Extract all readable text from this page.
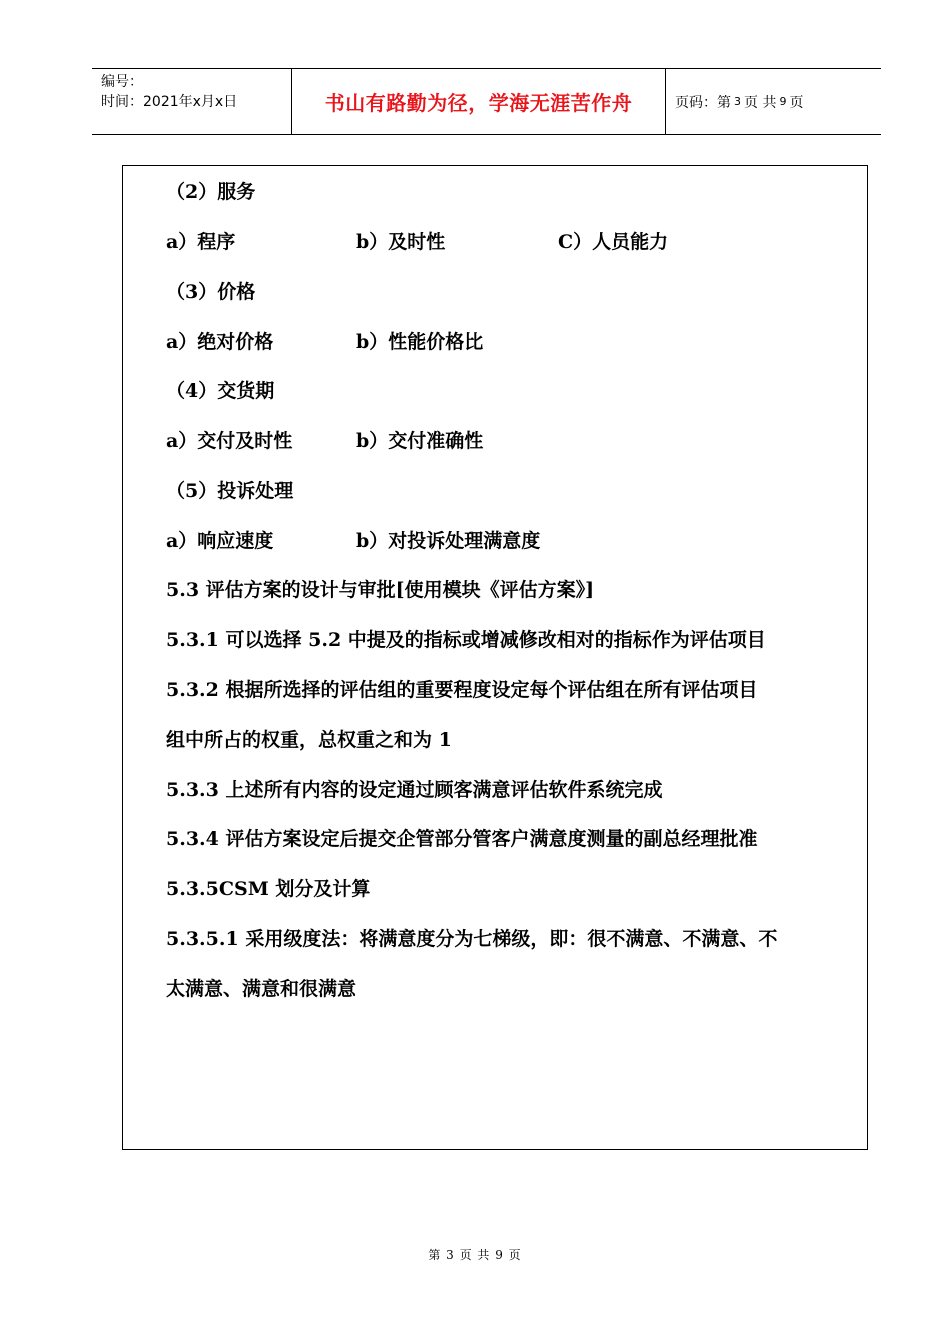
编号：
时间：2021年x月x日	书山有路勤为径，学海无涯苦作舟	页码：第 3 页 共 9 页
（2）服务
a）程序	b）及时性	C）人员能力
（3）价格
a）绝对价格	b）性能价格比
（4）交货期
a）交付及时性	b）交付准确性
（5）投诉处理
a）响应速度	b）对投诉处理满意度
5.3 评估方案的设计与审批[使用模块《评估方案》]
5.3.1 可以选择 5.2 中提及的指标或增减修改相对的指标作为评估项目
5.3.2 根据所选择的评估组的重要程度设定每个评估组在所有评估项目
组中所占的权重，总权重之和为 1
5.3.3 上述所有内容的设定通过顾客满意评估软件系统完成
5.3.4 评估方案设定后提交企管部分管客户满意度测量的副总经理批准
5.3.5CSM 划分及计算
5.3.5.1 采用级度法：将满意度分为七梯级，即：很不满意、不满意、不
太满意、满意和很满意
第 3 页 共 9 页
